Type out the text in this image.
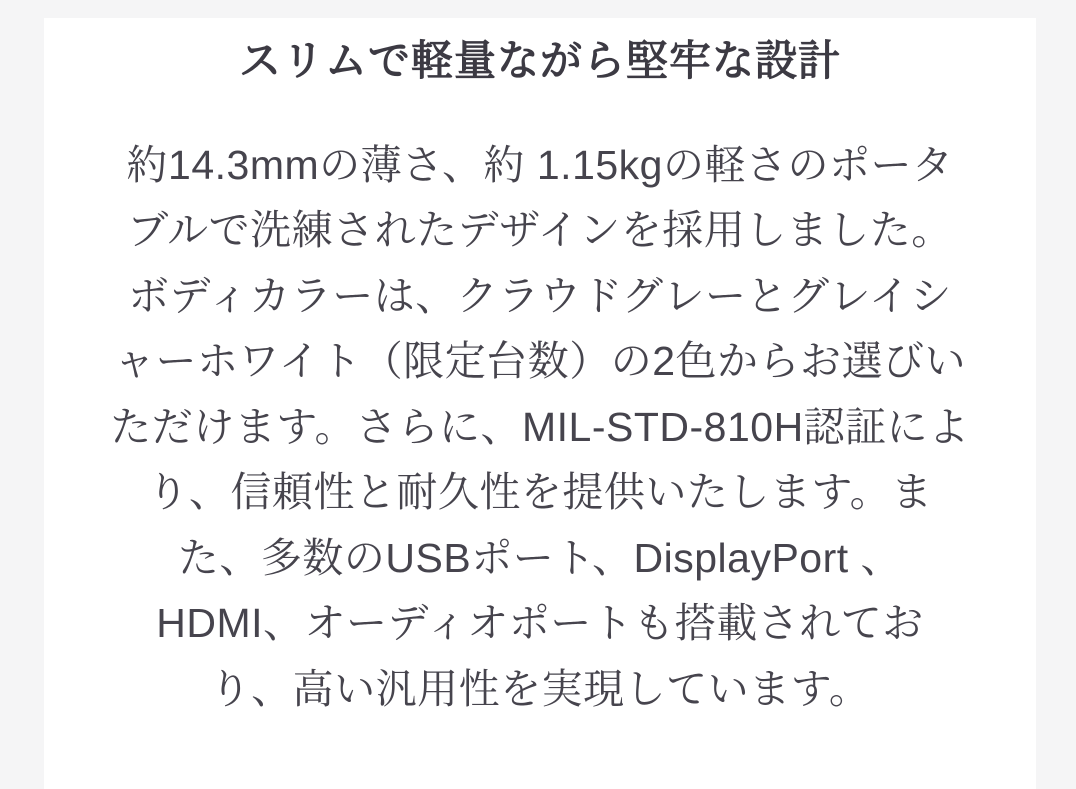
スリムで軽量ながら堅牢な設計

約14.3mmの薄さ、約 1.15kgの軽さのポータ
ブルで洗練されたデザインを採用しました。
ボディカラーは、クラウドグレーとグレイシ
ャーホワイト（限定台数）の2色からお選びい
ただけます。さらに、MIL-STD-810H認証によ
り、信頼性と耐久性を提供いたします。ま
た、多数のUSBポート、DisplayPort 、
HDMI、オーディオポートも搭載されてお
り、高い汎用性を実現しています。
